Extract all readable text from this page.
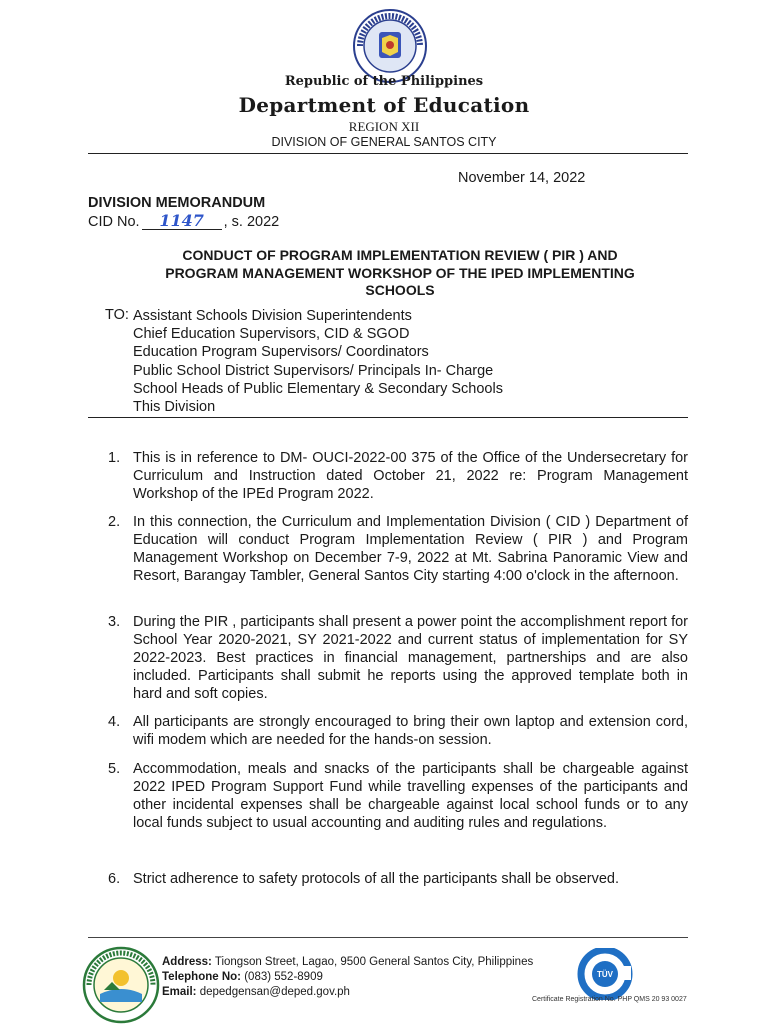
Republic of the Philippines
Department of Education
REGION XII
DIVISION OF GENERAL SANTOS CITY
November 14, 2022
DIVISION MEMORANDUM
CID No. 1147 , s. 2022
CONDUCT OF PROGRAM IMPLEMENTATION REVIEW ( PIR ) AND
PROGRAM MANAGEMENT WORKSHOP OF THE IPED IMPLEMENTING
SCHOOLS
TO: Assistant Schools Division Superintendents
Chief Education Supervisors, CID & SGOD
Education Program Supervisors/ Coordinators
Public School District Supervisors/ Principals In- Charge
School Heads of Public Elementary & Secondary Schools
This Division
1. This is in reference to DM- OUCI-2022-00 375 of the Office of the Undersecretary for Curriculum and Instruction dated October 21, 2022 re: Program Management Workshop of the IPEd Program 2022.
2. In this connection, the Curriculum and Implementation Division ( CID ) Department of Education will conduct Program Implementation Review ( PIR ) and Program Management Workshop on December 7-9, 2022 at Mt. Sabrina Panoramic View and Resort, Barangay Tambler, General Santos City starting 4:00 o'clock in the afternoon.
3. During the PIR , participants shall present a power point the accomplishment report for School Year 2020-2021, SY 2021-2022 and current status of implementation for SY 2022-2023. Best practices in financial management, partnerships and are also included. Participants shall submit he reports using the approved template both in hard and soft copies.
4. All participants are strongly encouraged to bring their own laptop and extension cord, wifi modem which are needed for the hands-on session.
5. Accommodation, meals and snacks of the participants shall be chargeable against 2022 IPED Program Support Fund while travelling expenses of the participants and other incidental expenses shall be chargeable against local school funds or to any local funds subject to usual accounting and auditing rules and regulations.
6. Strict adherence to safety protocols of all the participants shall be observed.
Address: Tiongson Street, Lagao, 9500 General Santos City, Philippines
Telephone No: (083) 552-8909
Email: depedgensan@deped.gov.ph
TÜV
Certificate Registration No. PHP QMS 20 93 0027
